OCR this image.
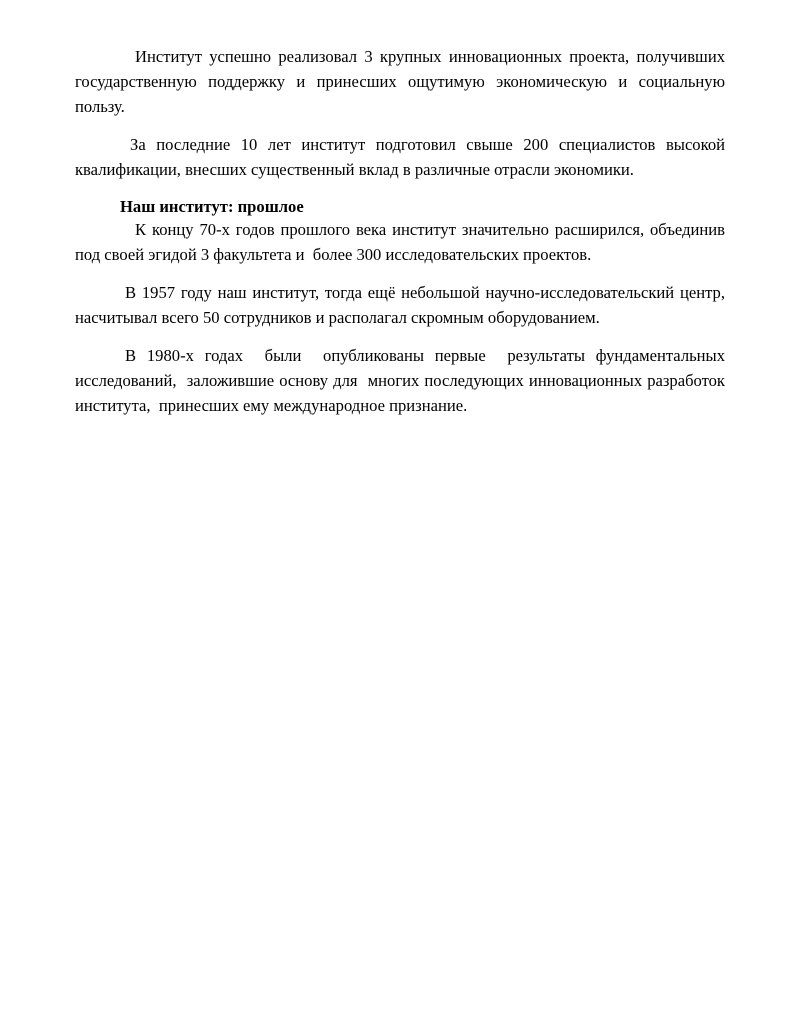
Институт успешно реализовал 3 крупных инновационных проекта, получивших государственную поддержку и принесших ощутимую экономическую и социальную пользу.

За последние 10 лет институт подготовил свыше 200 специалистов высокой квалификации, внесших существенный вклад в различные отрасли экономики.

Наш институт: прошлое

К концу 70-х годов прошлого века институт значительно расширился, объединив под своей эгидой 3 факультета и  более 300 исследовательских проектов.

В 1957 году наш институт, тогда ещё небольшой научно-исследовательский центр, насчитывал всего 50 сотрудников и располагал скромным оборудованием.

В 1980-х годах  были  опубликованы первые  результаты фундаментальных исследований,  заложившие основу для  многих последующих инновационных разработок института,  принесших ему международное признание.
